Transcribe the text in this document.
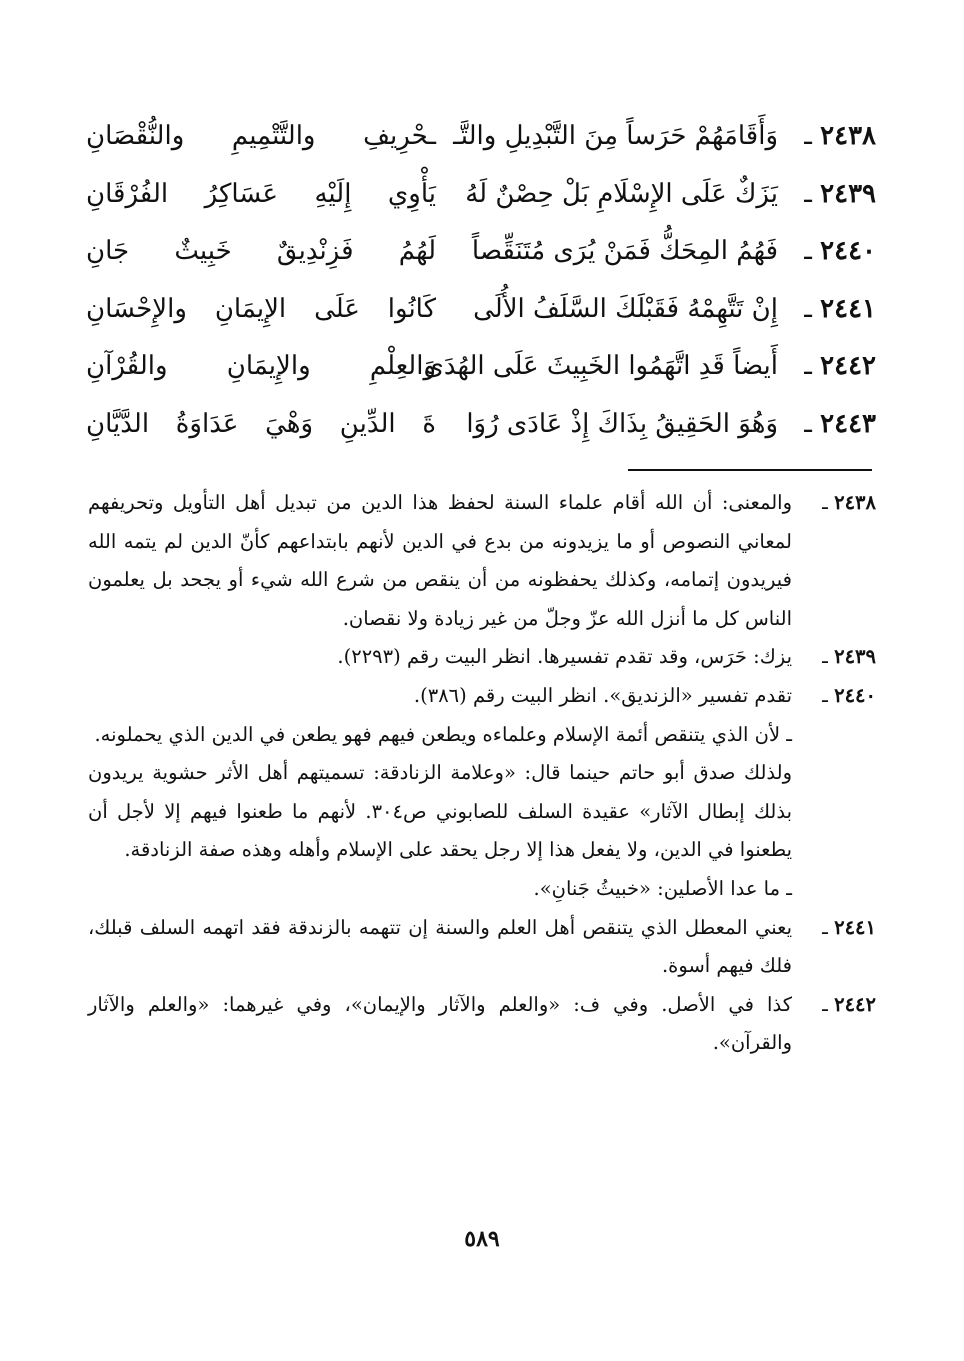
٢٤٣٨ ـ
وَأَقَامَهُمْ حَرَساً مِنَ التَّبْدِيلِ والتَّـ
ـحْرِيفِ والتَّتْمِيمِ والنُّقْصَانِ
٢٤٣٩ ـ
يَزَكٌ عَلَى الإِسْلَامِ بَلْ حِصْنٌ لَهُ
يَأْوِي إِلَيْهِ عَسَاكِرُ الفُرْقَانِ
٢٤٤٠ ـ
فَهُمُ المِحَكُّ فَمَنْ يُرَى مُتَنَقِّصاً
لَهُمُ فَزِنْدِيقٌ خَبِيثٌ جَانِ
٢٤٤١ ـ
إِنْ تَتَّهِمْهُ فَقَبْلَكَ السَّلَفُ الأُلَى
كَانُوا عَلَى الإِيمَانِ والإِحْسَانِ
٢٤٤٢ ـ
أَيضاً قَدِ اتَّهَمُوا الخَبِيثَ عَلَى الهُدَى
وَالعِلْمِ والإِيمَانِ والقُرْآنِ
٢٤٤٣ ـ
وَهُوَ الحَقِيقُ بِذَاكَ إِذْ عَادَى رُوَا
ةَ الدِّينِ وَهْيَ عَدَاوَةُ الدَّيَّانِ
٢٤٣٨ ـ
والمعنى: أن الله أقام علماء السنة لحفظ هذا الدين من تبديل أهل التأويل وتحريفهم لمعاني النصوص أو ما يزيدونه من بدع في الدين لأنهم بابتداعهم كأنّ الدين لم يتمه الله فيريدون إتمامه، وكذلك يحفظونه من أن ينقص من شرع الله شيء أو يجحد بل يعلمون الناس كل ما أنزل الله عزّ وجلّ من غير زيادة ولا نقصان.
٢٤٣٩ ـ
يزك: حَرَس، وقد تقدم تفسيرها. انظر البيت رقم (٢٢٩٣).
٢٤٤٠ ـ
تقدم تفسير «الزنديق». انظر البيت رقم (٣٨٦).
ـ لأن الذي يتنقص أئمة الإسلام وعلماءه ويطعن فيهم فهو يطعن في الدين الذي يحملونه.
ولذلك صدق أبو حاتم حينما قال: «وعلامة الزنادقة: تسميتهم أهل الأثر حشوية يريدون بذلك إبطال الآثار» عقيدة السلف للصابوني ص٣٠٤. لأنهم ما طعنوا فيهم إلا لأجل أن يطعنوا في الدين، ولا يفعل هذا إلا رجل يحقد على الإسلام وأهله وهذه صفة الزنادقة.
ـ ما عدا الأصلين: «خبيثُ جَنانِ».
٢٤٤١ ـ
يعني المعطل الذي يتنقص أهل العلم والسنة إن تتهمه بالزندقة فقد اتهمه السلف قبلك، فلك فيهم أسوة.
٢٤٤٢ ـ
كذا في الأصل. وفي ف: «والعلم والآثار والإيمان»، وفي غيرهما: «والعلم والآثار والقرآن».
٥٨٩
